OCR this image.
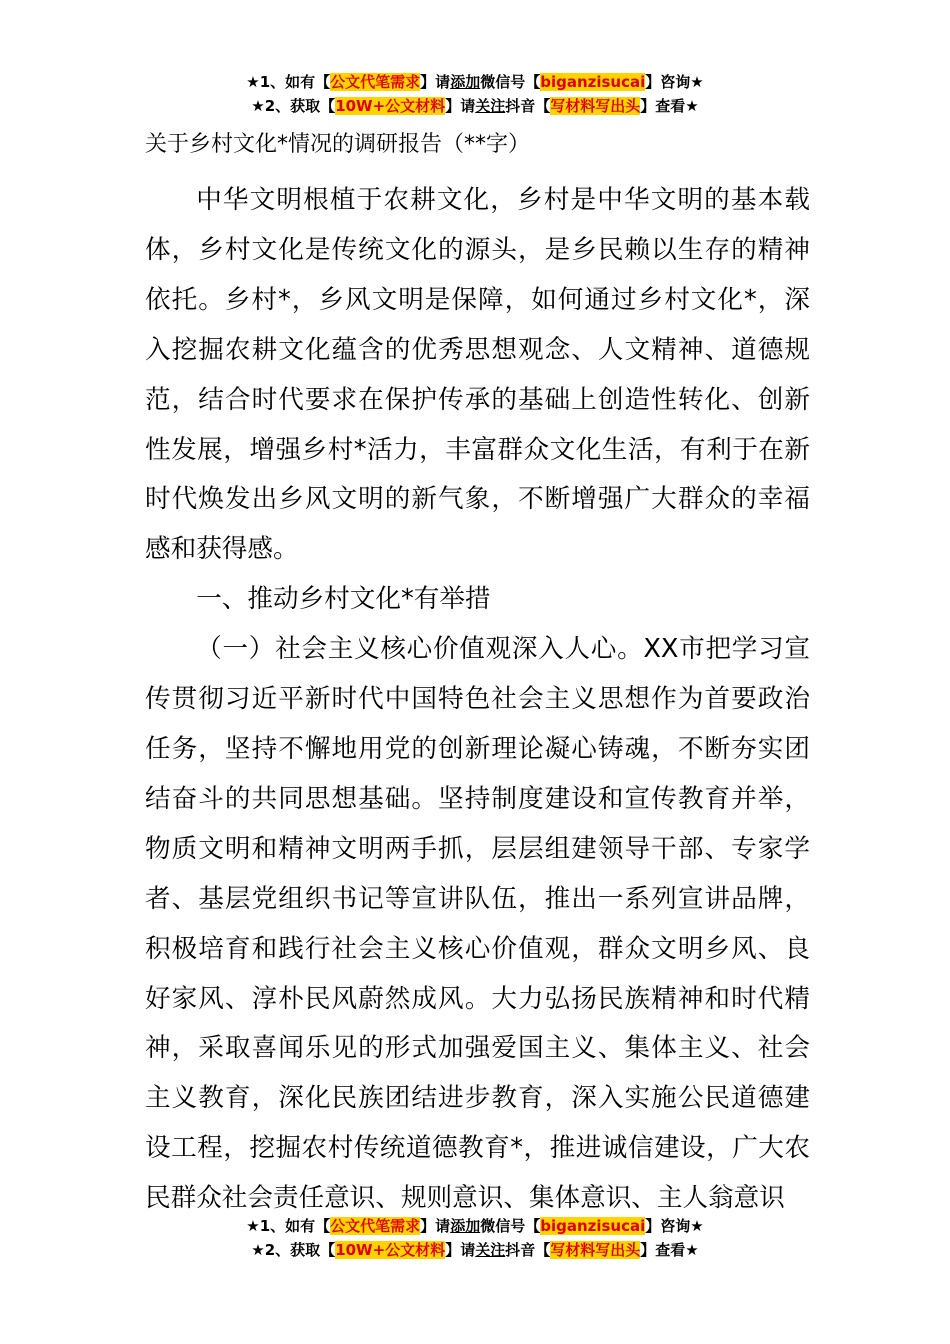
★1、如有【公文代笔需求】请添加微信号【biganzisucai】咨询★
★2、获取【10W+公文材料】请关注抖音【写材料写出头】查看★
关于乡村文化*情况的调研报告（**字）

中华文明根植于农耕文化，乡村是中华文明的基本载体，乡村文化是传统文化的源头，是乡民赖以生存的精神依托。乡村*，乡风文明是保障，如何通过乡村文化*，深入挖掘农耕文化蕴含的优秀思想观念、人文精神、道德规范，结合时代要求在保护传承的基础上创造性转化、创新性发展，增强乡村*活力，丰富群众文化生活，有利于在新时代焕发出乡风文明的新气象，不断增强广大群众的幸福感和获得感。

一、推动乡村文化*有举措

（一）社会主义核心价值观深入人心。XX市把学习宣传贯彻习近平新时代中国特色社会主义思想作为首要政治任务，坚持不懈地用党的创新理论凝心铸魂，不断夯实团结奋斗的共同思想基础。坚持制度建设和宣传教育并举，物质文明和精神文明两手抓，层层组建领导干部、专家学者、基层党组织书记等宣讲队伍，推出一系列宣讲品牌，积极培育和践行社会主义核心价值观，群众文明乡风、良好家风、淳朴民风蔚然成风。大力弘扬民族精神和时代精神，采取喜闻乐见的形式加强爱国主义、集体主义、社会主义教育，深化民族团结进步教育，深入实施公民道德建设工程，挖掘农村传统道德教育*，推进诚信建设，广大农民群众社会责任意识、规则意识、集体意识、主人翁意识

★1、如有【公文代笔需求】请添加微信号【biganzisucai】咨询★
★2、获取【10W+公文材料】请关注抖音【写材料写出头】查看★
